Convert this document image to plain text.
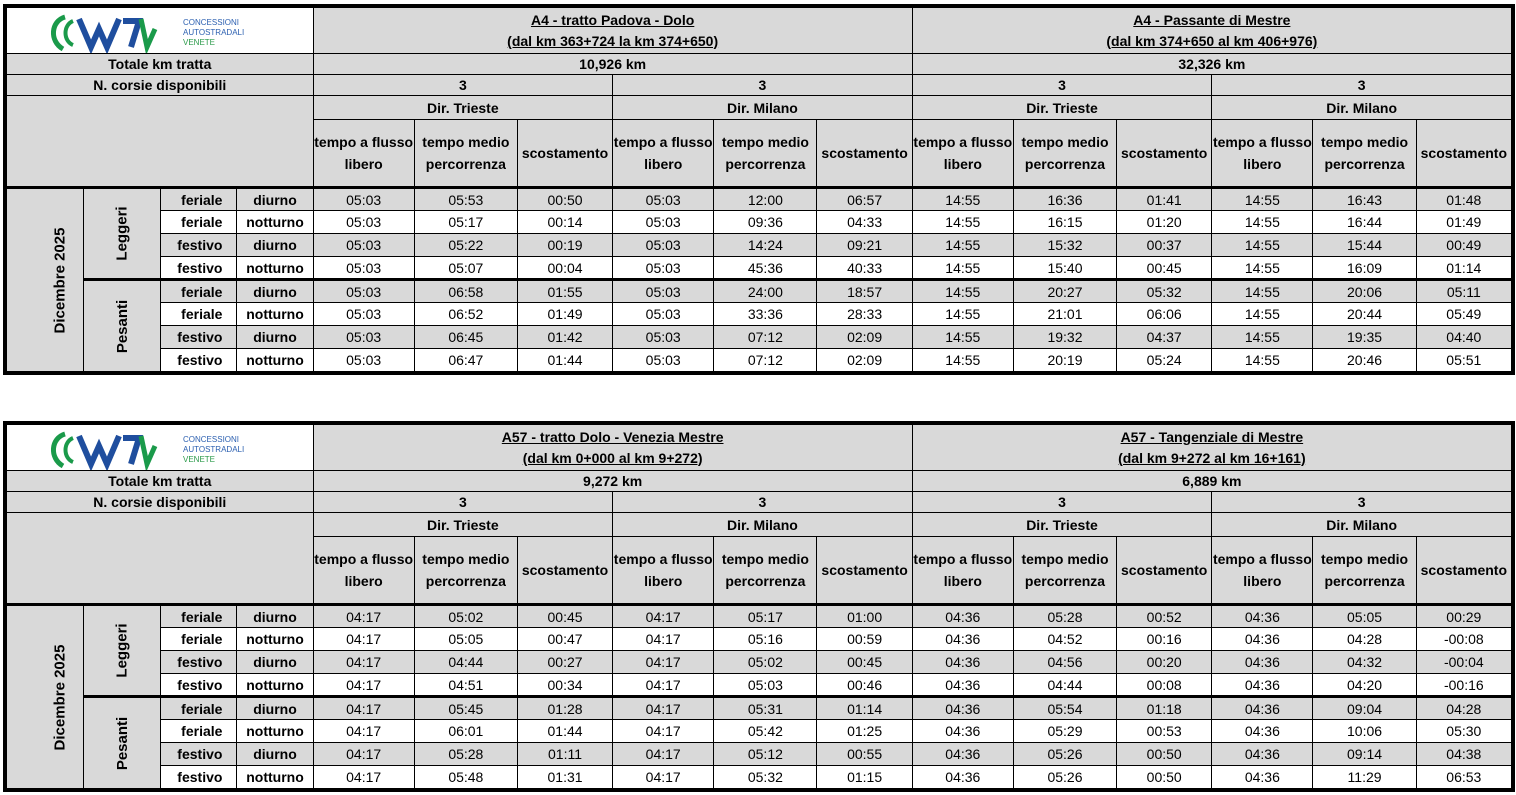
CONCESSIONI
AUTOSTRADALI
VENETE				A4 - tratto Padova - Dolo
(dal km 363+724 la km 374+650)						A4 - Passante di Mestre
(dal km 374+650 al km 406+976)					
Totale km tratta				10,926 km						32,326 km					
N. corsie disponibili				3			3			3			3		
				Dir. Trieste			Dir. Milano			Dir. Trieste			Dir. Milano		
				tempo a flusso libero	tempo medio percorrenza	scostamento	tempo a flusso libero	tempo medio percorrenza	scostamento	tempo a flusso libero	tempo medio percorrenza	scostamento	tempo a flusso libero	tempo medio percorrenza	scostamento
Dicembre 2025	Leggeri	feriale	diurno	05:03	05:53	00:50	05:03	12:00	06:57	14:55	16:36	01:41	14:55	16:43	01:48
		feriale	notturno	05:03	05:17	00:14	05:03	09:36	04:33	14:55	16:15	01:20	14:55	16:44	01:49
		festivo	diurno	05:03	05:22	00:19	05:03	14:24	09:21	14:55	15:32	00:37	14:55	15:44	00:49
		festivo	notturno	05:03	05:07	00:04	05:03	45:36	40:33	14:55	15:40	00:45	14:55	16:09	01:14
	Pesanti	feriale	diurno	05:03	06:58	01:55	05:03	24:00	18:57	14:55	20:27	05:32	14:55	20:06	05:11
		feriale	notturno	05:03	06:52	01:49	05:03	33:36	28:33	14:55	21:01	06:06	14:55	20:44	05:49
		festivo	diurno	05:03	06:45	01:42	05:03	07:12	02:09	14:55	19:32	04:37	14:55	19:35	04:40
		festivo	notturno	05:03	06:47	01:44	05:03	07:12	02:09	14:55	20:19	05:24	14:55	20:46	05:51
CONCESSIONI
AUTOSTRADALI
VENETE				A57 - tratto Dolo - Venezia Mestre
(dal km 0+000 al km 9+272)						A57 - Tangenziale di Mestre
(dal km 9+272 al km 16+161)					
Totale km tratta				9,272 km						6,889 km					
N. corsie disponibili				3			3			3			3		
				Dir. Trieste			Dir. Milano			Dir. Trieste			Dir. Milano		
				tempo a flusso libero	tempo medio percorrenza	scostamento	tempo a flusso libero	tempo medio percorrenza	scostamento	tempo a flusso libero	tempo medio percorrenza	scostamento	tempo a flusso libero	tempo medio percorrenza	scostamento
Dicembre 2025	Leggeri	feriale	diurno	04:17	05:02	00:45	04:17	05:17	01:00	04:36	05:28	00:52	04:36	05:05	00:29
		feriale	notturno	04:17	05:05	00:47	04:17	05:16	00:59	04:36	04:52	00:16	04:36	04:28	-00:08
		festivo	diurno	04:17	04:44	00:27	04:17	05:02	00:45	04:36	04:56	00:20	04:36	04:32	-00:04
		festivo	notturno	04:17	04:51	00:34	04:17	05:03	00:46	04:36	04:44	00:08	04:36	04:20	-00:16
	Pesanti	feriale	diurno	04:17	05:45	01:28	04:17	05:31	01:14	04:36	05:54	01:18	04:36	09:04	04:28
		feriale	notturno	04:17	06:01	01:44	04:17	05:42	01:25	04:36	05:29	00:53	04:36	10:06	05:30
		festivo	diurno	04:17	05:28	01:11	04:17	05:12	00:55	04:36	05:26	00:50	04:36	09:14	04:38
		festivo	notturno	04:17	05:48	01:31	04:17	05:32	01:15	04:36	05:26	00:50	04:36	11:29	06:53
